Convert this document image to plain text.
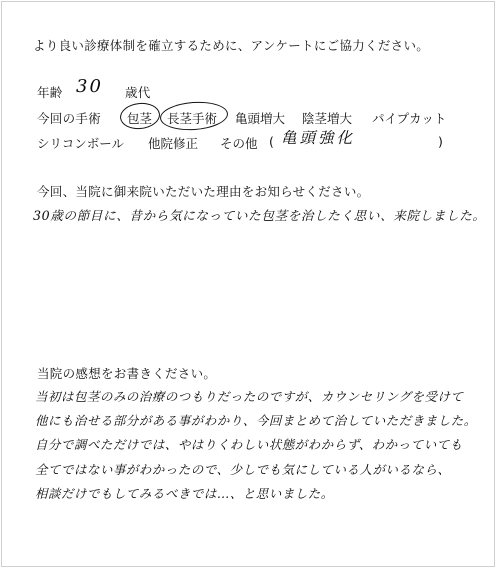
より良い診療体制を確立するために、アンケートにご協力ください。
年齢 30 歳代
今回の手術 包茎 長茎手術 亀頭増大 陰茎増大 パイプカット
シリコンボール 他院修正 その他 ( 亀頭強化	)
今回、当院に御来院いただいた理由をお知らせください。
30歳の節目に、昔から気になっていた包茎を治したく思い、来院しました。
当院の感想をお書きください。
当初は包茎のみの治療のつもりだったのですが、カウンセリングを受けて
他にも治せる部分がある事がわかり、今回まとめて治していただきました。
自分で調べただけでは、やはりくわしい状態がわからず、わかっていても
全てではない事がわかったので、少しでも気にしている人がいるなら、
相談だけでもしてみるべきでは…、と思いました。
